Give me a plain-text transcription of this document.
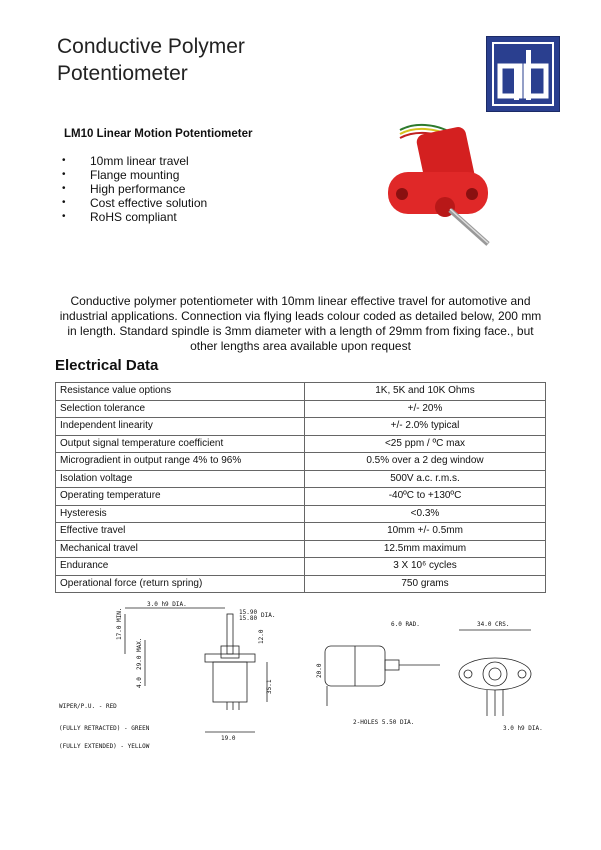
Conductive Polymer
Potentiometer
LM10 Linear Motion Potentiometer
• 10mm linear travel
• Flange mounting
• High performance
• Cost effective solution
• RoHS compliant
Conductive polymer potentiometer with 10mm linear effective travel for automotive and industrial applications. Connection via flying leads colour coded as detailed below, 200 mm in length. Standard spindle is 3mm diameter with a length of 29mm from fixing face., but other lengths area available upon request
Electrical Data
Resistance value options	1K, 5K and 10K Ohms
Selection tolerance	+/- 20%
Independent linearity	+/- 2.0% typical
Output signal temperature coefficient	<25 ppm / ºC max
Microgradient in output range 4% to 96%	0.5% over a 2 deg window
Isolation voltage	500V a.c. r.m.s.
Operating temperature	-40ºC to +130ºC
Hysteresis	<0.3%
Effective travel	10mm +/- 0.5mm
Mechanical travel	12.5mm maximum
Endurance	3 X 10⁶ cycles
Operational force (return spring)	750 grams
3.0 h9 DIA.
15.90
15.80 DIA.
17.0 MIN.
29.0 MAX.
12.0
4.0	35.1
20.0
19.0
6.0 RAD.	34.0 CRS.
2-HOLES 5.50 DIA.
3.0 h9 DIA.
WIPER/P.U. - RED
(FULLY RETRACTED) - GREEN
(FULLY EXTENDED) - YELLOW
